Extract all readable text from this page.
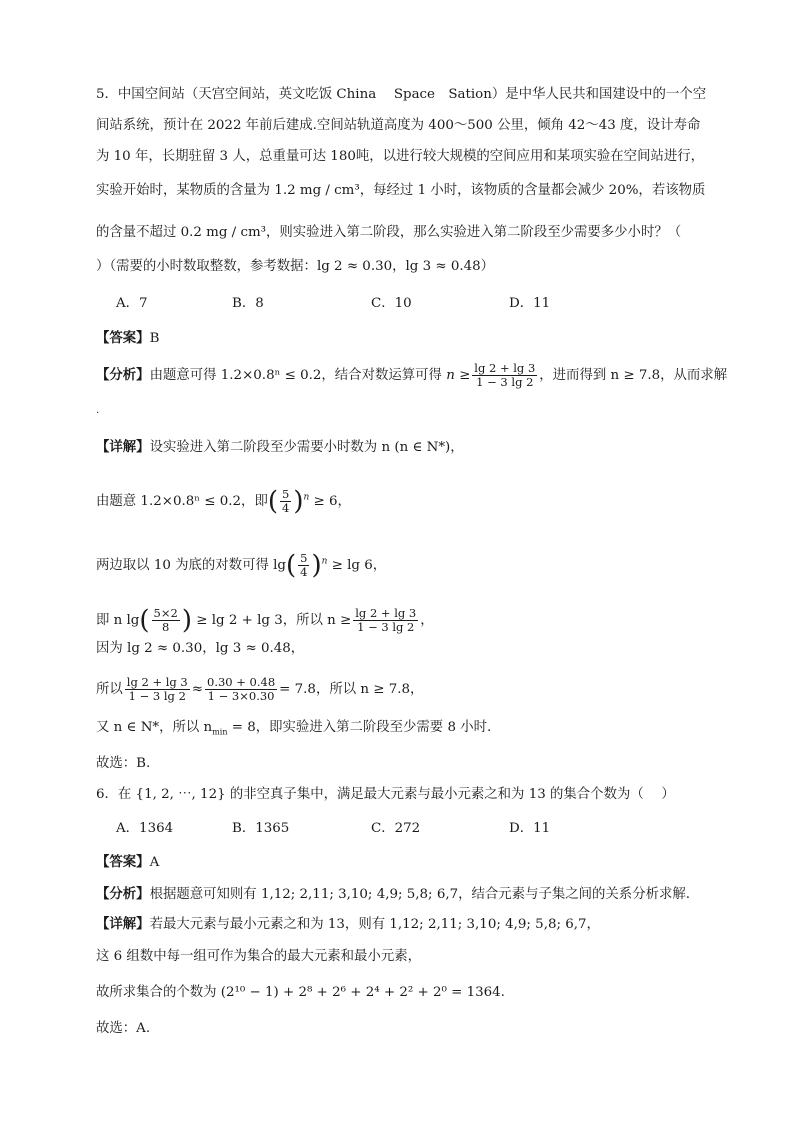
5．中国空间站（天宫空间站，英文吃饭 China　 Space　Sation）是中华人民共和国建设中的一个空
间站系统，预计在 2022 年前后建成.空间站轨道高度为 400～500 公里，倾角 42～43 度，设计寿命
为 10 年，长期驻留 3 人，总重量可达 180吨，以进行较大规模的空间应用和某项实验在空间站进行，
实验开始时，某物质的含量为 1.2 mg / cm³，每经过 1 小时，该物质的含量都会减少 20%，若该物质
的含量不超过 0.2 mg / cm³，则实验进入第二阶段，那么实验进入第二阶段至少需要多少小时？（
）（需要的小时数取整数，参考数据：lg 2 ≈ 0.30，lg 3 ≈ 0.48）
A．7	B．8	C．10	D．11
【答案】B
【分析】由题意可得 1.2×0.8ⁿ ≤ 0.2，结合对数运算可得 $n \ge \frac{\lg 2 + \lg 3}{1 - 3 \lg 2}$ ，进而得到 n ≥ 7.8，从而求解
.
【详解】设实验进入第二阶段至少需要小时数为 n (n ∈ N*)，
由题意 1.2×0.8ⁿ ≤ 0.2，即( $\frac{5}{4} )^n \ge 6$，
两边取以 10 为底的对数可得 $\lg( \frac{5}{4} )^n \ge \lg 6$，
即 n $\lg( \frac{5\times 2}{8}$ ) ≥ lg 2 + lg 3，所以 $n \ge \frac{\lg 2 + \lg 3}{1 - 3 \lg 2}$ ，
因为 lg 2 ≈ 0.30，lg 3 ≈ 0.48，
所以 $\frac{\lg 2 + \lg 3}{1 - 3 \lg 2} \approx \frac{0.30 + 0.48}{1 - 3\times 0.30} = 7.8$，所以 n ≥ 7.8，
又 n ∈ N*，所以 $n_{min} = 8$，即实验进入第二阶段至少需要 8 小时.
故选：B.
6．在 {1, 2, ⋯, 12} 的非空真子集中，满足最大元素与最小元素之和为 13 的集合个数为（　 ）
A．1364	B．1365	C．272	D．11
【答案】A
【分析】根据题意可知则有 1,12; 2,11; 3,10; 4,9; 5,8; 6,7，结合元素与子集之间的关系分析求解.
【详解】若最大元素与最小元素之和为 13，则有 1,12; 2,11; 3,10; 4,9; 5,8; 6,7，
这 6 组数中每一组可作为集合的最大元素和最小元素，
故所求集合的个数为 (2¹⁰ − 1) + 2⁸ + 2⁶ + 2⁴ + 2² + 2⁰ = 1364.
故选：A.
